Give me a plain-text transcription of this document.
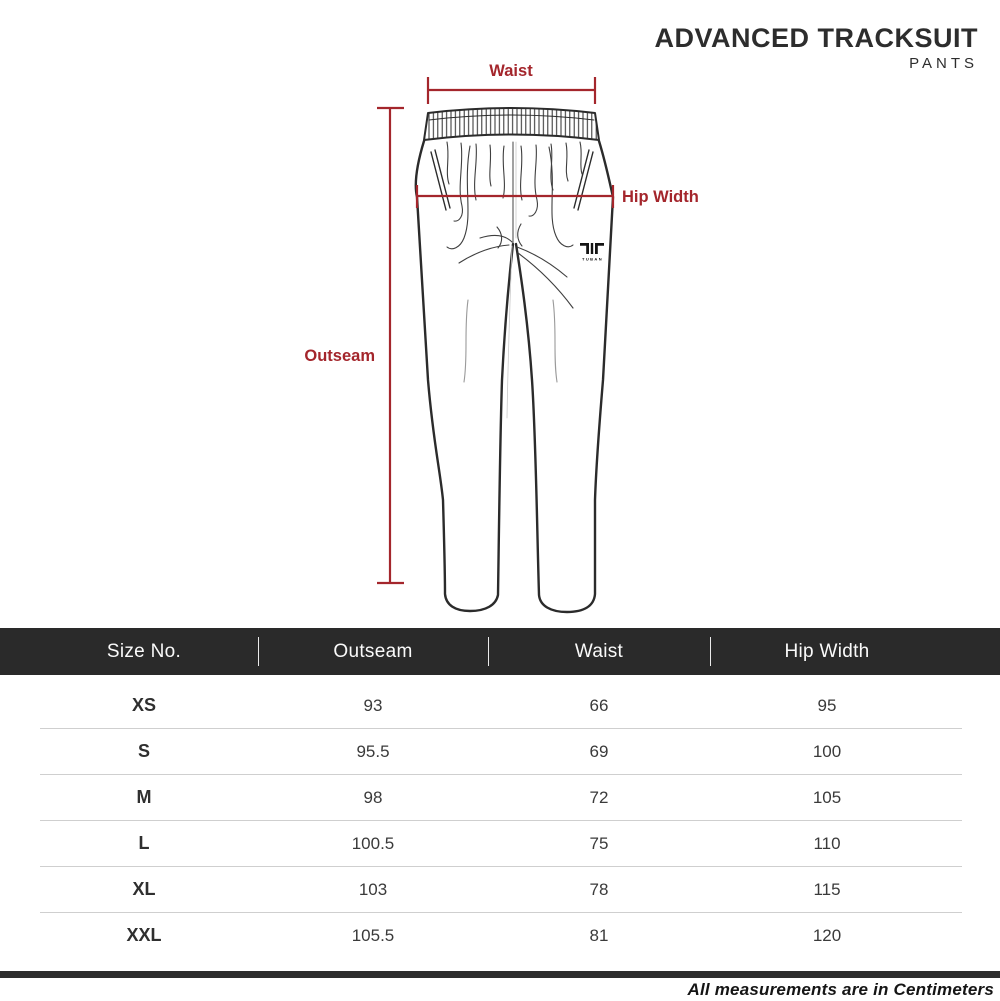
ADVANCED TRACKSUIT
PANTS
TUBAN
Waist
Hip Width
Outseam
Size No.	Outseam	Waist	Hip Width
XS	93	66	95
S	95.5	69	100
M	98	72	105
L	100.5	75	110
XL	103	78	115
XXL	105.5	81	120
All measurements are in Centimeters
